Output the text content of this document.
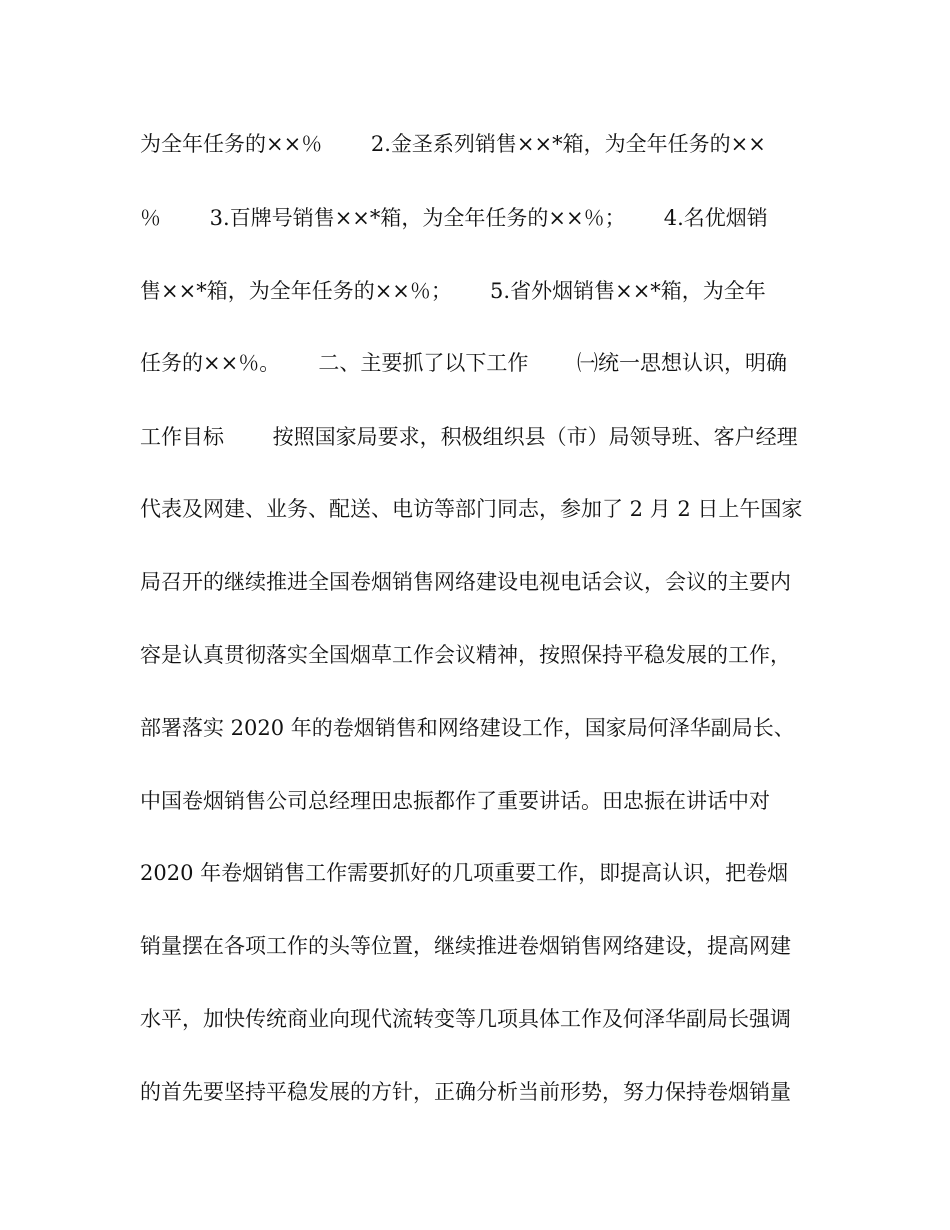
为全年任务的××％　　 2.金圣系列销售××*箱，为全年任务的××
％　　 3.百牌号销售××*箱，为全年任务的××％；　　 4.名优烟销
售××*箱，为全年任务的××％；　　 5.省外烟销售××*箱，为全年
任务的××％。　　 二、主要抓了以下工作　　 ㈠统一思想认识，明确
工作目标　　 按照国家局要求，积极组织县（市）局领导班、客户经理
代表及网建、业务、配送、电访等部门同志，参加了 2 月 2 日上午国家
局召开的继续推进全国卷烟销售网络建设电视电话会议，会议的主要内
容是认真贯彻落实全国烟草工作会议精神，按照保持平稳发展的工作，
部署落实 2020 年的卷烟销售和网络建设工作，国家局何泽华副局长、
中国卷烟销售公司总经理田忠振都作了重要讲话。田忠振在讲话中对
2020 年卷烟销售工作需要抓好的几项重要工作，即提高认识，把卷烟
销量摆在各项工作的头等位置，继续推进卷烟销售网络建设，提高网建
水平，加快传统商业向现代流转变等几项具体工作及何泽华副局长强调
的首先要坚持平稳发展的方针，正确分析当前形势，努力保持卷烟销量
